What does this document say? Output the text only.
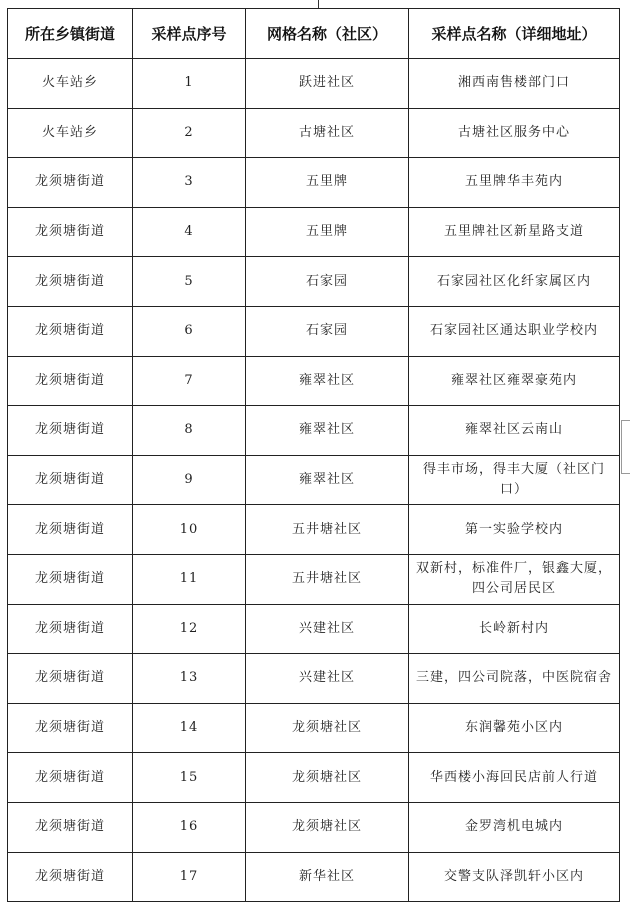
所在乡镇街道	采样点序号	网格名称（社区）	采样点名称（详细地址）
火车站乡	1	跃进社区	湘西南售楼部门口
火车站乡	2	古塘社区	古塘社区服务中心
龙须塘街道	3	五里牌	五里牌华丰苑内
龙须塘街道	4	五里牌	五里牌社区新星路支道
龙须塘街道	5	石家园	石家园社区化纤家属区内
龙须塘街道	6	石家园	石家园社区通达职业学校内
龙须塘街道	7	雍翠社区	雍翠社区雍翠豪苑内
龙须塘街道	8	雍翠社区	雍翠社区云南山
龙须塘街道	9	雍翠社区	得丰市场，得丰大厦（社区门口）
龙须塘街道	10	五井塘社区	第一实验学校内
龙须塘街道	11	五井塘社区	双新村，标准件厂，银鑫大厦，四公司居民区
龙须塘街道	12	兴建社区	长岭新村内
龙须塘街道	13	兴建社区	三建，四公司院落，中医院宿舍
龙须塘街道	14	龙须塘社区	东润馨苑小区内
龙须塘街道	15	龙须塘社区	华西楼小海回民店前人行道
龙须塘街道	16	龙须塘社区	金罗湾机电城内
龙须塘街道	17	新华社区	交警支队泽凯轩小区内
